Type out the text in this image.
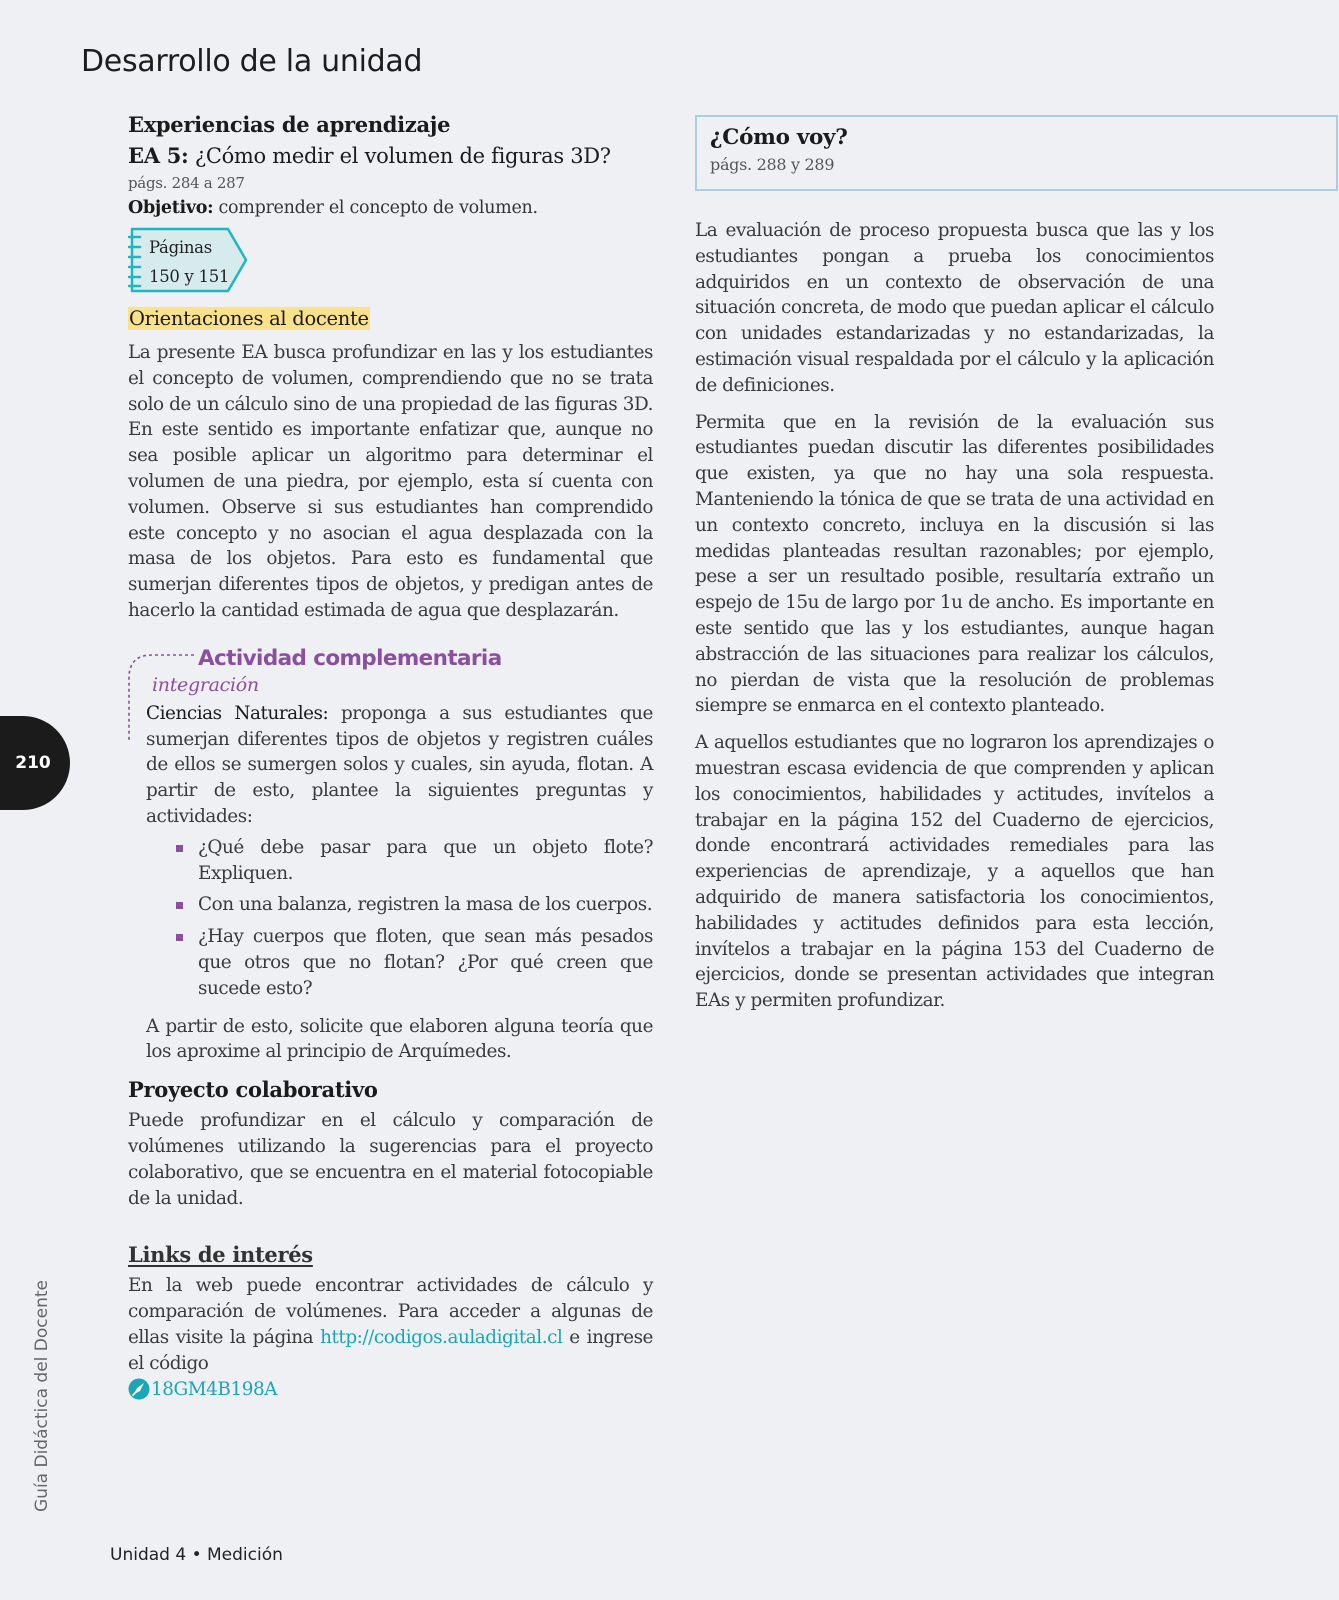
Desarrollo de la unidad
210
Guía Didáctica del Docente
Unidad 4 • Medición
Experiencias de aprendizaje
EA 5: ¿Cómo medir el volumen de figuras 3D?
págs. 284 a 287
Objetivo: comprender el concepto de volumen.
Páginas
150 y 151
Orientaciones al docente

La presente EA busca profundizar en las y los estudiantes el concepto de volumen, comprendiendo que no se trata solo de un cálculo sino de una propiedad de las figuras 3D. En este sentido es importante enfatizar que, aunque no sea posible aplicar un algoritmo para determinar el volumen de una piedra, por ejemplo, esta sí cuenta con volumen. Observe si sus estudiantes han comprendido este concepto y no asocian el agua desplazada con la masa de los objetos. Para esto es fundamental que sumerjan diferentes tipos de objetos, y predigan antes de hacerlo la cantidad estimada de agua que desplazarán.

Actividad complementaria
integración

Ciencias Naturales: proponga a sus estudiantes que sumerjan diferentes tipos de objetos y registren cuáles de ellos se sumergen solos y cuales, sin ayuda, flotan. A partir de esto, plantee la siguientes preguntas y actividades:

¿Qué debe pasar para que un objeto flote? Expliquen.
Con una balanza, registren la masa de los cuerpos.
¿Hay cuerpos que floten, que sean más pesados que otros que no flotan? ¿Por qué creen que sucede esto?

A partir de esto, solicite que elaboren alguna teoría que los aproxime al principio de Arquímedes.

Proyecto colaborativo

Puede profundizar en el cálculo y comparación de volúmenes utilizando la sugerencias para el proyecto colaborativo, que se encuentra en el material fotocopiable de la unidad.

Links de interés

En la web puede encontrar actividades de cálculo y comparación de volúmenes. Para acceder a algunas de ellas visite la página http://codigos.auladigital.cl e ingrese el código

18GM4B198A
¿Cómo voy?
págs. 288 y 289

La evaluación de proceso propuesta busca que las y los estudiantes pongan a prueba los conocimientos adquiridos en un contexto de observación de una situación concreta, de modo que puedan aplicar el cálculo con unidades estandarizadas y no estandarizadas, la estimación visual respaldada por el cálculo y la aplicación de definiciones.

Permita que en la revisión de la evaluación sus estudiantes puedan discutir las diferentes posibilidades que existen, ya que no hay una sola respuesta. Manteniendo la tónica de que se trata de una actividad en un contexto concreto, incluya en la discusión si las medidas planteadas resultan razonables; por ejemplo, pese a ser un resultado posible, resultaría extraño un espejo de 15u de largo por 1u de ancho. Es importante en este sentido que las y los estudiantes, aunque hagan abstracción de las situaciones para realizar los cálculos, no pierdan de vista que la resolución de problemas siempre se enmarca en el contexto planteado.

A aquellos estudiantes que no lograron los aprendizajes o muestran escasa evidencia de que comprenden y aplican los conocimientos, habilidades y actitudes, invítelos a trabajar en la página 152 del Cuaderno de ejercicios, donde encontrará actividades remediales para las experiencias de aprendizaje, y a aquellos que han adquirido de manera satisfactoria los conocimientos, habilidades y actitudes definidos para esta lección, invítelos a trabajar en la página 153 del Cuaderno de ejercicios, donde se presentan actividades que integran EAs y permiten profundizar.
